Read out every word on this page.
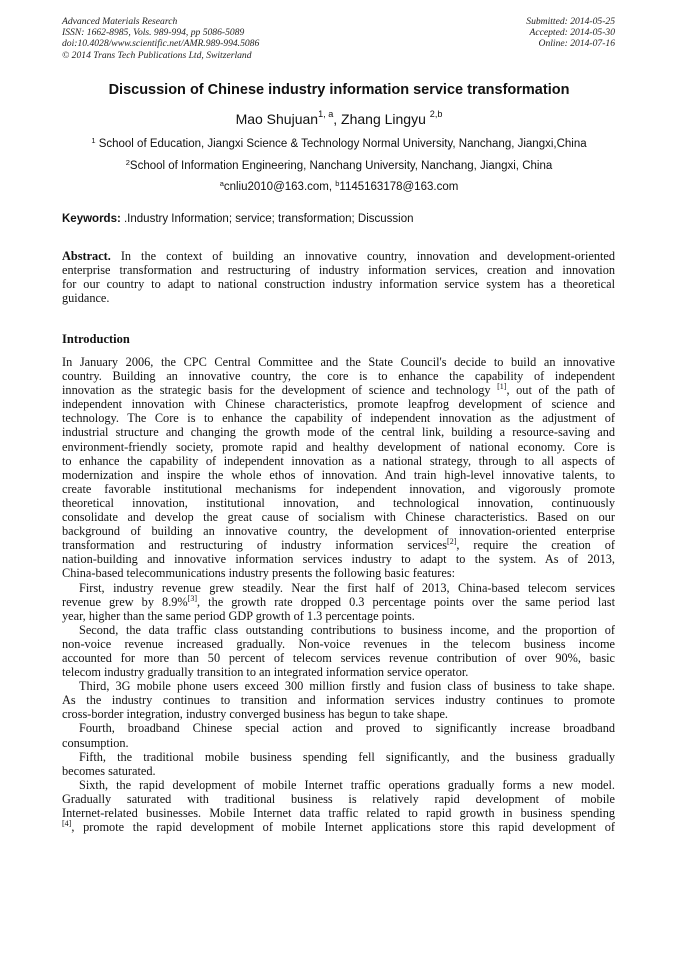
Advanced Materials Research
ISSN: 1662-8985, Vols. 989-994, pp 5086-5089
doi:10.4028/www.scientific.net/AMR.989-994.5086
© 2014 Trans Tech Publications Ltd, Switzerland
Submitted: 2014-05-25
Accepted: 2014-05-30
Online: 2014-07-16
Discussion of Chinese industry information service transformation
Mao Shujuan$^{1, a}$, Zhang Lingyu $^{2,b}$
$^1$ School of Education, Jiangxi Science & Technology Normal University, Nanchang, Jiangxi,China
$^2$School of Information Engineering, Nanchang University, Nanchang, Jiangxi, China
$^a$cnliu2010@163.com, $^b$1145163178@163.com
Keywords: .Industry Information; service; transformation; Discussion
Abstract. In the context of building an innovative country, innovation and development-oriented
enterprise transformation and restructuring of industry information services, creation and innovation
for our country to adapt to national construction industry information service system has a theoretical
guidance.
Introduction
In January 2006, the CPC Central Committee and the State Council's decide to build an innovative
country. Building an innovative country, the core is to enhance the capability of independent
innovation as the strategic basis for the development of science and technology [1], out of the path of
independent innovation with Chinese characteristics, promote leapfrog development of science and
technology. The Core is to enhance the capability of independent innovation as the adjustment of
industrial structure and changing the growth mode of the central link, building a resource-saving and
environment-friendly society, promote rapid and healthy development of national economy. Core is
to enhance the capability of independent innovation as a national strategy, through to all aspects of
modernization and inspire the whole ethos of innovation. And train high-level innovative talents, to
create favorable institutional mechanisms for independent innovation, and vigorously promote
theoretical innovation, institutional innovation, and technological innovation, continuously
consolidate and develop the great cause of socialism with Chinese characteristics. Based on our
background of building an innovative country, the development of innovation-oriented enterprise
transformation and restructuring of industry information services[2], require the creation of
nation-building and innovative information services industry to adapt to the system. As of 2013,
China-based telecommunications industry presents the following basic features:
First, industry revenue grew steadily. Near the first half of 2013, China-based telecom services
revenue grew by 8.9%[3], the growth rate dropped 0.3 percentage points over the same period last
year, higher than the same period GDP growth of 1.3 percentage points.
Second, the data traffic class outstanding contributions to business income, and the proportion of
non-voice revenue increased gradually. Non-voice revenues in the telecom business income
accounted for more than 50 percent of telecom services revenue contribution of over 90%, basic
telecom industry gradually transition to an integrated information service operator.
Third, 3G mobile phone users exceed 300 million firstly and fusion class of business to take shape.
As the industry continues to transition and information services industry continues to promote
cross-border integration, industry converged business has begun to take shape.
Fourth, broadband Chinese special action and proved to significantly increase broadband
consumption.
Fifth, the traditional mobile business spending fell significantly, and the business gradually
becomes saturated.
Sixth, the rapid development of mobile Internet traffic operations gradually forms a new model.
Gradually saturated with traditional business is relatively rapid development of mobile
Internet-related businesses. Mobile Internet data traffic related to rapid growth in business spending
[4], promote the rapid development of mobile Internet applications store this rapid development of
